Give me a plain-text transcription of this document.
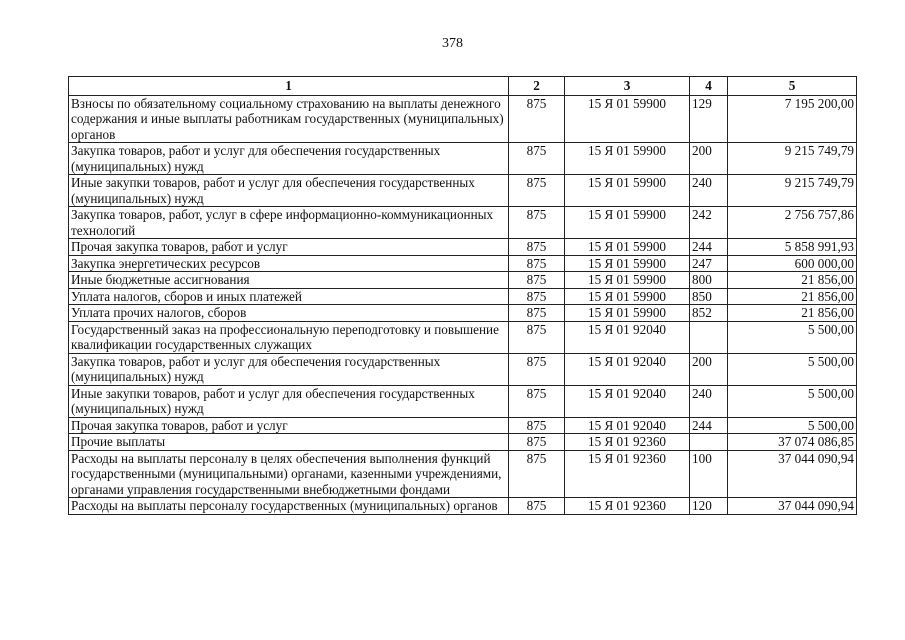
378
1	2	3	4	5
Взносы по обязательному социальному страхованию на выплаты денежного содержания и иные выплаты работникам государственных (муниципальных) органов	875	15 Я 01 59900	129	7 195 200,00
Закупка товаров, работ и услуг для обеспечения государственных (муниципальных) нужд	875	15 Я 01 59900	200	9 215 749,79
Иные закупки товаров, работ и услуг для обеспечения государственных (муниципальных) нужд	875	15 Я 01 59900	240	9 215 749,79
Закупка товаров, работ, услуг в сфере информационно-коммуникационных технологий	875	15 Я 01 59900	242	2 756 757,86
Прочая закупка товаров, работ и услуг	875	15 Я 01 59900	244	5 858 991,93
Закупка энергетических ресурсов	875	15 Я 01 59900	247	600 000,00
Иные бюджетные ассигнования	875	15 Я 01 59900	800	21 856,00
Уплата налогов, сборов и иных платежей	875	15 Я 01 59900	850	21 856,00
Уплата прочих налогов, сборов	875	15 Я 01 59900	852	21 856,00
Государственный заказ на профессиональную переподготовку и повышение квалификации государственных служащих	875	15 Я 01 92040		5 500,00
Закупка товаров, работ и услуг для обеспечения государственных (муниципальных) нужд	875	15 Я 01 92040	200	5 500,00
Иные закупки товаров, работ и услуг для обеспечения государственных (муниципальных) нужд	875	15 Я 01 92040	240	5 500,00
Прочая закупка товаров, работ и услуг	875	15 Я 01 92040	244	5 500,00
Прочие выплаты	875	15 Я 01 92360		37 074 086,85
Расходы на выплаты персоналу в целях обеспечения выполнения функций государственными (муниципальными) органами, казенными учреждениями, органами управления государственными внебюджетными фондами	875	15 Я 01 92360	100	37 044 090,94
Расходы на выплаты персоналу государственных (муниципальных) органов	875	15 Я 01 92360	120	37 044 090,94
